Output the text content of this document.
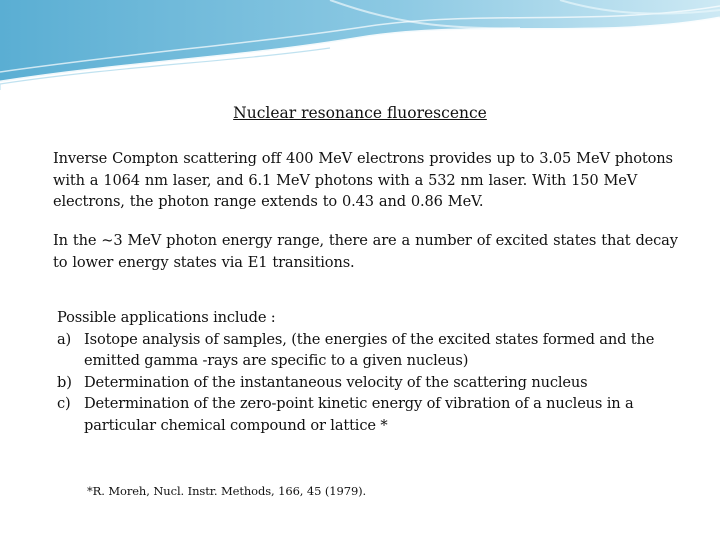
Nuclear resonance fluorescence

Inverse Compton scattering off 400 MeV electrons provides up to 3.05 MeV photons with a 1064 nm laser, and 6.1 MeV photons with a 532 nm laser. With 150 MeV electrons, the photon range extends to 0.43 and 0.86 MeV.

In the ~3 MeV photon energy range, there are a number of excited states that decay to lower energy states via E1 transitions.

Possible applications include :

a) Isotope analysis of samples, (the energies of the excited states formed and the emitted gamma -rays are specific to a given nucleus)
b) Determination of the instantaneous velocity of the scattering nucleus
c) Determination of the zero-point kinetic energy of vibration of a nucleus in a particular chemical compound or lattice *

*R. Moreh, Nucl. Instr. Methods, 166, 45 (1979).
